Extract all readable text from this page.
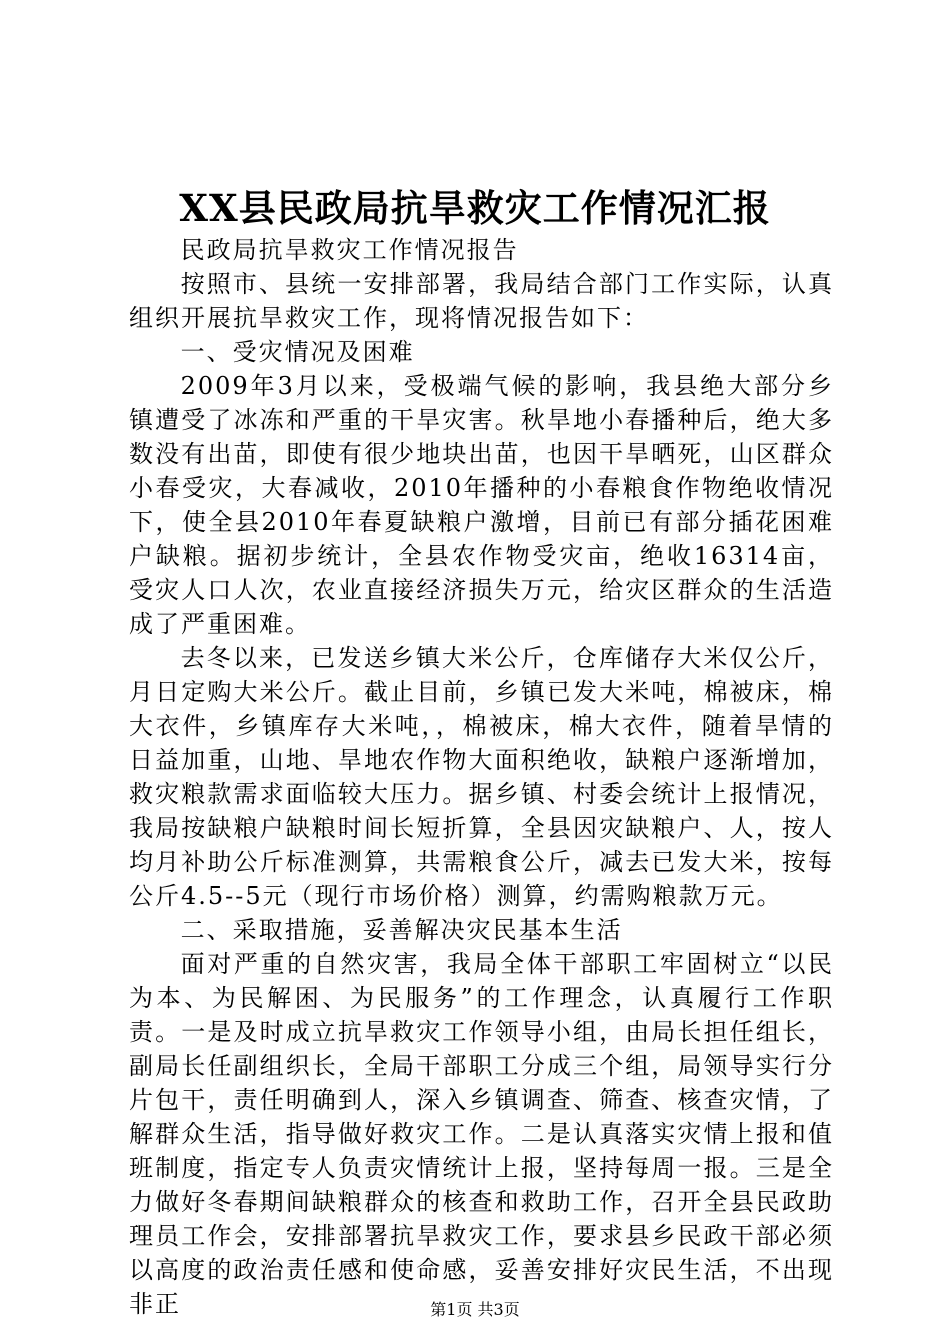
XX县民政局抗旱救灾工作情况汇报

民政局抗旱救灾工作情况报告

按照市、县统一安排部署，我局结合部门工作实际，认真组织开展抗旱救灾工作，现将情况报告如下：

一、受灾情况及困难

2009年3月以来，受极端气候的影响，我县绝大部分乡镇遭受了冰冻和严重的干旱灾害。秋旱地小春播种后，绝大多数没有出苗，即使有很少地块出苗，也因干旱晒死，山区群众小春受灾，大春减收，2010年播种的小春粮食作物绝收情况下，使全县2010年春夏缺粮户激增，目前已有部分插花困难户缺粮。据初步统计，全县农作物受灾亩，绝收16314亩，受灾人口人次，农业直接经济损失万元，给灾区群众的生活造成了严重困难。

去冬以来，已发送乡镇大米公斤，仓库储存大米仅公斤，月日定购大米公斤。截止目前，乡镇已发大米吨，棉被床，棉大衣件，乡镇库存大米吨，，棉被床，棉大衣件，随着旱情的日益加重，山地、旱地农作物大面积绝收，缺粮户逐渐增加，救灾粮款需求面临较大压力。据乡镇、村委会统计上报情况，我局按缺粮户缺粮时间长短折算，全县因灾缺粮户、人，按人均月补助公斤标准测算，共需粮食公斤，减去已发大米，按每公斤4.5--5元（现行市场价格）测算，约需购粮款万元。

二、采取措施，妥善解决灾民基本生活

面对严重的自然灾害，我局全体干部职工牢固树立“以民为本、为民解困、为民服务”的工作理念，认真履行工作职责。一是及时成立抗旱救灾工作领导小组，由局长担任组长，副局长任副组织长，全局干部职工分成三个组，局领导实行分片包干，责任明确到人，深入乡镇调查、筛查、核查灾情，了解群众生活，指导做好救灾工作。二是认真落实灾情上报和值班制度，指定专人负责灾情统计上报，坚持每周一报。三是全力做好冬春期间缺粮群众的核查和救助工作，召开全县民政助理员工作会，安排部署抗旱救灾工作，要求县乡民政干部必须以高度的政治责任感和使命感，妥善安排好灾民生活，不出现非正	第1页 共3页
